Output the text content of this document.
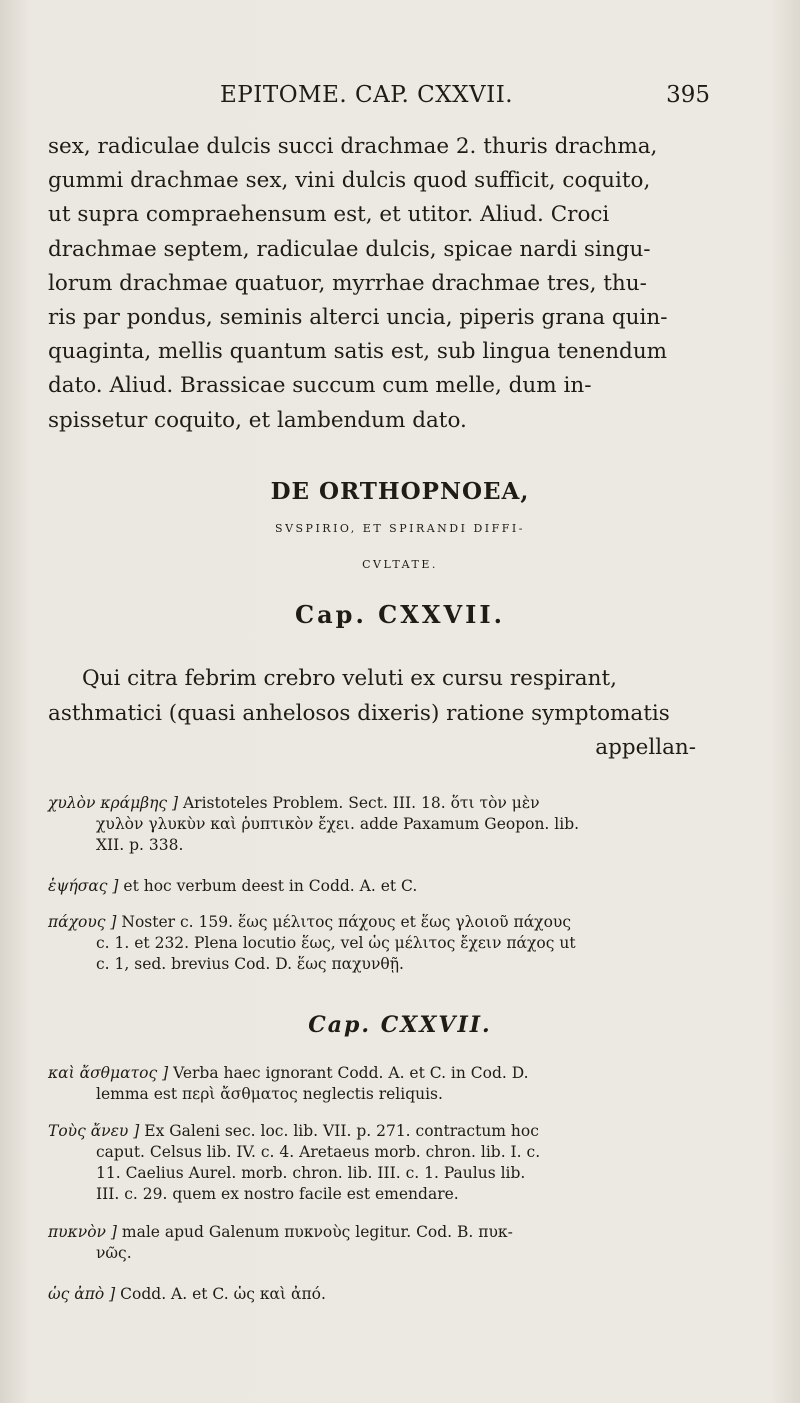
EPITOME. CAP. CXXVII.	395

sex, radiculae dulcis succi drachmae 2. thuris drachma,
gummi drachmae sex, vini dulcis quod sufficit, coquito,
ut supra compraehensum est, et utitor. Aliud. Croci
drachmae septem, radiculae dulcis, spicae nardi singu-
lorum drachmae quatuor, myrrhae drachmae tres, thu-
ris par pondus, seminis alterci uncia, piperis grana quin-
quaginta, mellis quantum satis est, sub lingua tenendum
dato. Aliud. Brassicae succum cum melle, dum in-
spissetur coquito, et lambendum dato.

DE ORTHOPNOEA,
SVSPIRIO, ET SPIRANDI DIFFI-
CVLTATE.
Cap. CXXVII.

Qui citra febrim crebro veluti ex cursu respirant,
asthmatici (quasi anhelosos dixeris) ratione symptomatis
appellan-

χυλὸν κράμβης ] Aristoteles Problem. Sect. III. 18. ὅτι τὸν μὲν
χυλὸν γλυκὺν καὶ ῥυπτικὸν ἔχει. adde Paxamum Geopon. lib.
XII. p. 338.
ἑψήσας ] et hoc verbum deest in Codd. A. et C.
πάχους ] Noster c. 159. ἕως μέλιτος πάχους et ἕως γλοιοῦ πάχους
c. 1. et 232. Plena locutio ἕως, vel ὡς μέλιτος ἔχειν πάχος ut
c. 1, sed. brevius Cod. D. ἕως παχυνθῇ.
Cap. CXXVII.
καὶ ἄσθματος ] Verba haec ignorant Codd. A. et C. in Cod. D.
lemma est περὶ ἄσθματος neglectis reliquis.
Τοὺς ἄνευ ] Ex Galeni sec. loc. lib. VII. p. 271. contractum hoc
caput. Celsus lib. IV. c. 4. Aretaeus morb. chron. lib. I. c.
11. Caelius Aurel. morb. chron. lib. III. c. 1. Paulus lib.
III. c. 29. quem ex nostro facile est emendare.
πυκνὸν ] male apud Galenum πυκνοὺς legitur. Cod. B. πυκ-
νῶς.
ὡς ἀπὸ ] Codd. A. et C. ὡς καὶ ἀπό.
